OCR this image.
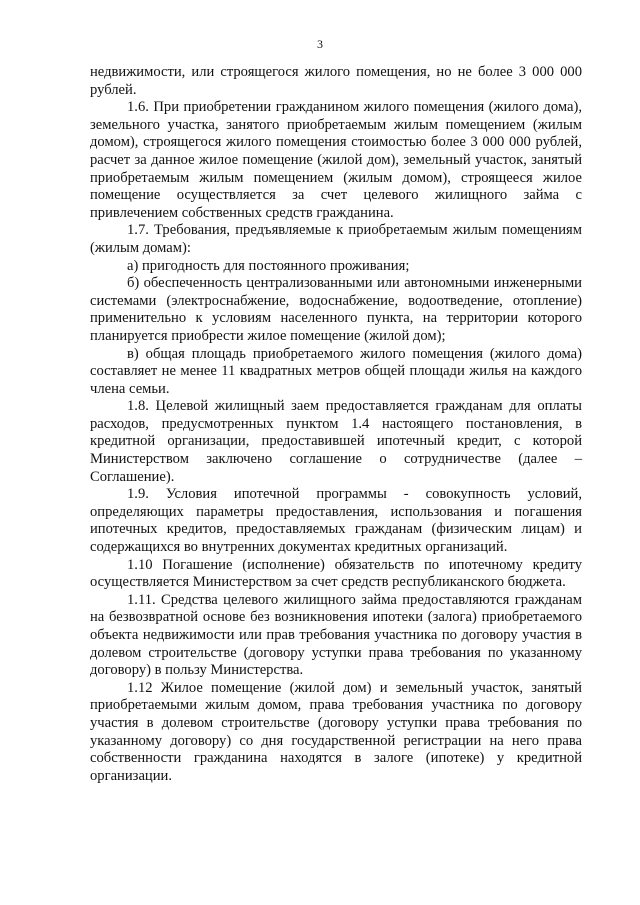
3

недвижимости, или строящегося жилого помещения, но не более 3 000 000 рублей.

1.6. При приобретении гражданином жилого помещения (жилого дома), земельного участка, занятого приобретаемым жилым помещением (жилым домом), строящегося жилого помещения стоимостью более 3 000 000 рублей, расчет за данное жилое помещение (жилой дом), земельный участок, занятый приобретаемым жилым помещением (жилым домом), строящееся жилое помещение осуществляется за счет целевого жилищного займа с привлечением собственных средств гражданина.

1.7. Требования, предъявляемые к приобретаемым жилым помещениям (жилым домам):

а) пригодность для постоянного проживания;

б) обеспеченность централизованными или автономными инженерными системами (электроснабжение, водоснабжение, водоотведение, отопление) применительно к условиям населенного пункта, на территории которого планируется приобрести жилое помещение (жилой дом);

в) общая площадь приобретаемого жилого помещения (жилого дома) составляет не менее 11 квадратных метров общей площади жилья на каждого члена семьи.

1.8. Целевой жилищный заем предоставляется гражданам для оплаты расходов, предусмотренных пунктом 1.4 настоящего постановления, в кредитной организации, предоставившей ипотечный кредит, с которой Министерством заключено соглашение о сотрудничестве (далее – Соглашение).

1.9. Условия ипотечной программы - совокупность условий, определяющих параметры предоставления, использования и погашения ипотечных кредитов, предоставляемых гражданам (физическим лицам) и содержащихся во внутренних документах кредитных организаций.

1.10 Погашение (исполнение) обязательств по ипотечному кредиту осуществляется Министерством за счет средств республиканского бюджета.

1.11. Средства целевого жилищного займа предоставляются гражданам на безвозвратной основе без возникновения ипотеки (залога) приобретаемого объекта недвижимости или прав требования участника по договору участия в долевом строительстве (договору уступки права требования по указанному договору) в пользу Министерства.

1.12 Жилое помещение (жилой дом) и земельный участок, занятый приобретаемыми жилым домом, права требования участника по договору участия в долевом строительстве (договору уступки права требования по указанному договору) со дня государственной регистрации на него права собственности гражданина находятся в залоге (ипотеке) у кредитной организации.
